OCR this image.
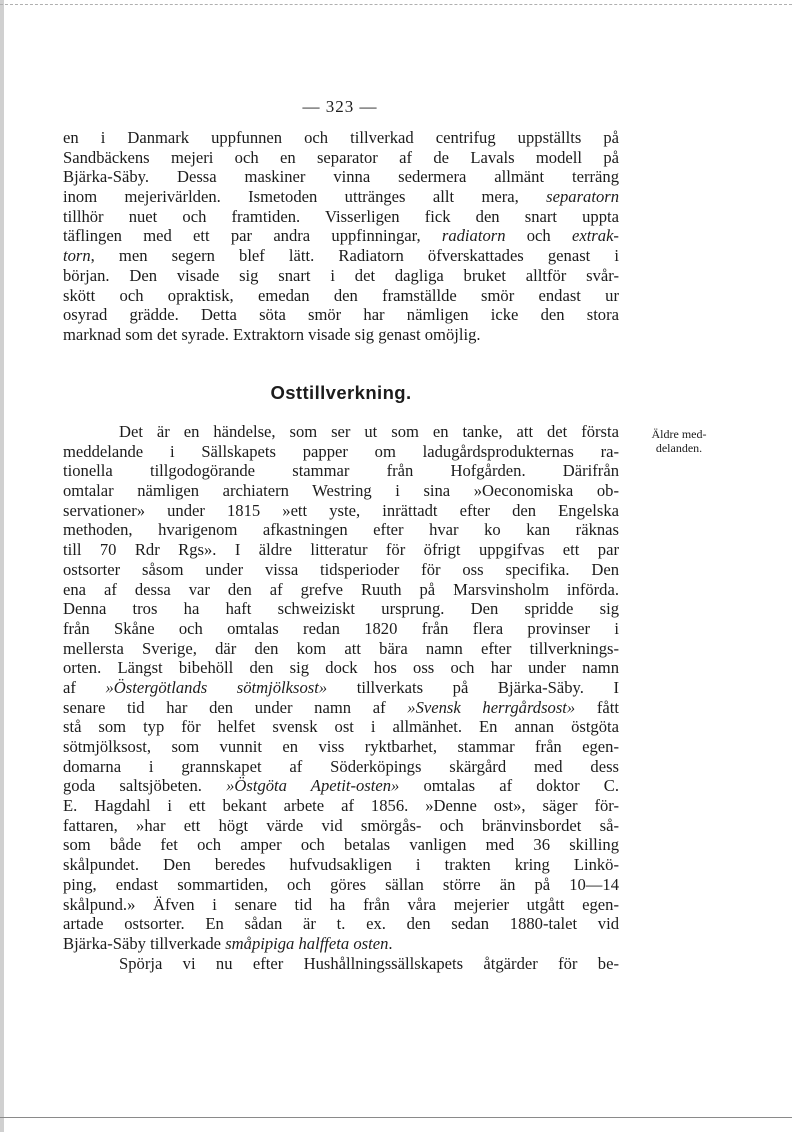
— 323 —
en i Danmark uppfunnen och tillverkad centrifug uppställts på
Sandbäckens mejeri och en separator af de Lavals modell på
Bjärka-Säby. Dessa maskiner vinna sedermera allmänt terräng
inom mejerivärlden. Ismetoden uttränges allt mera, separatorn
tillhör nuet och framtiden. Visserligen fick den snart uppta
täflingen med ett par andra uppfinningar, radiatorn och extrak-
torn, men segern blef lätt. Radiatorn öfverskattades genast i
början. Den visade sig snart i det dagliga bruket alltför svår-
skött och opraktisk, emedan den framställde smör endast ur
osyrad grädde. Detta söta smör har nämligen icke den stora
marknad som det syrade. Extraktorn visade sig genast omöjlig.
Osttillverkning.
Äldre med-
delanden.
Det är en händelse, som ser ut som en tanke, att det första
meddelande i Sällskapets papper om ladugårdsprodukternas ra-
tionella tillgodogörande stammar från Hofgården. Därifrån
omtalar nämligen archiatern Westring i sina »Oeconomiska ob-
servationer» under 1815 »ett yste, inrättadt efter den Engelska
methoden, hvarigenom afkastningen efter hvar ko kan räknas
till 70 Rdr Rgs». I äldre litteratur för öfrigt uppgifvas ett par
ostsorter såsom under vissa tidsperioder för oss specifika. Den
ena af dessa var den af grefve Ruuth på Marsvinsholm införda.
Denna tros ha haft schweiziskt ursprung. Den spridde sig
från Skåne och omtalas redan 1820 från flera provinser i
mellersta Sverige, där den kom att bära namn efter tillverknings-
orten. Längst bibehöll den sig dock hos oss och har under namn
af »Östergötlands sötmjölksost» tillverkats på Bjärka-Säby. I
senare tid har den under namn af »Svensk herrgårdsost» fått
stå som typ för helfet svensk ost i allmänhet. En annan östgöta
sötmjölksost, som vunnit en viss ryktbarhet, stammar från egen-
domarna i grannskapet af Söderköpings skärgård med dess
goda saltsjöbeten. »Östgöta Apetit-osten» omtalas af doktor C.
E. Hagdahl i ett bekant arbete af 1856. »Denne ost», säger för-
fattaren, »har ett högt värde vid smörgås- och bränvinsbordet så-
som både fet och amper och betalas vanligen med 36 skilling
skålpundet. Den beredes hufvudsakligen i trakten kring Linkö-
ping, endast sommartiden, och göres sällan större än på 10—14
skålpund.» Äfven i senare tid ha från våra mejerier utgått egen-
artade ostsorter. En sådan är t. ex. den sedan 1880-talet vid
Bjärka-Säby tillverkade småpipiga halffeta osten.
Spörja vi nu efter Hushållningssällskapets åtgärder för be-
